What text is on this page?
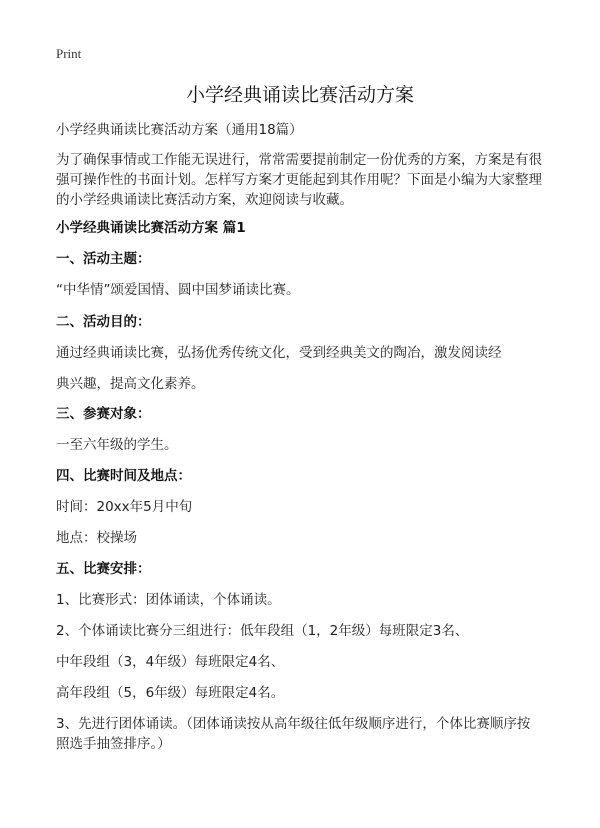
Print
小学经典诵读比赛活动方案
小学经典诵读比赛活动方案（通用18篇）
为了确保事情或工作能无误进行，常常需要提前制定一份优秀的方案，方案是有很
强可操作性的书面计划。怎样写方案才更能起到其作用呢？下面是小编为大家整理
的小学经典诵读比赛活动方案，欢迎阅读与收藏。
小学经典诵读比赛活动方案 篇1
一、活动主题：
“中华情”颂爱国情、圆中国梦诵读比赛。
二、活动目的：
通过经典诵读比赛，弘扬优秀传统文化，受到经典美文的陶冶，激发阅读经
典兴趣，提高文化素养。
三、参赛对象：
一至六年级的学生。
四、比赛时间及地点：
时间：20xx年5月中旬
地点：校操场
五、比赛安排：
1、比赛形式：团体诵读，个体诵读。
2、个体诵读比赛分三组进行：低年段组（1，2年级）每班限定3名、
中年段组（3，4年级）每班限定4名、
高年段组（5，6年级）每班限定4名。
3、先进行团体诵读。（团体诵读按从高年级往低年级顺序进行，个体比赛顺序按
照选手抽签排序。）
